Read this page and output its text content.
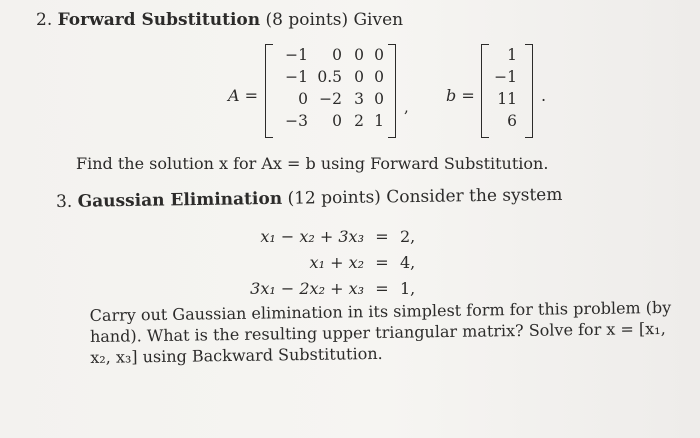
2. Forward Substitution (8 points) Given
A =
−1	0 0 0
−1 0.5 0 0
0 −2 3 0
−3	0 2 1
,
b =
1
−1
11
6
.
Find the solution x for Ax = b using Forward Substitution.
3. Gaussian Elimination (12 points) Consider the system
x₁ − x₂ + 3x₃ = 2,
x₁ + x₂ = 4,
3x₁ − 2x₂ + x₃ = 1,
Carry out Gaussian elimination in its simplest form for this problem (by hand). What is the resulting upper triangular matrix? Solve for x = [x₁, x₂, x₃] using Backward Substitution.
